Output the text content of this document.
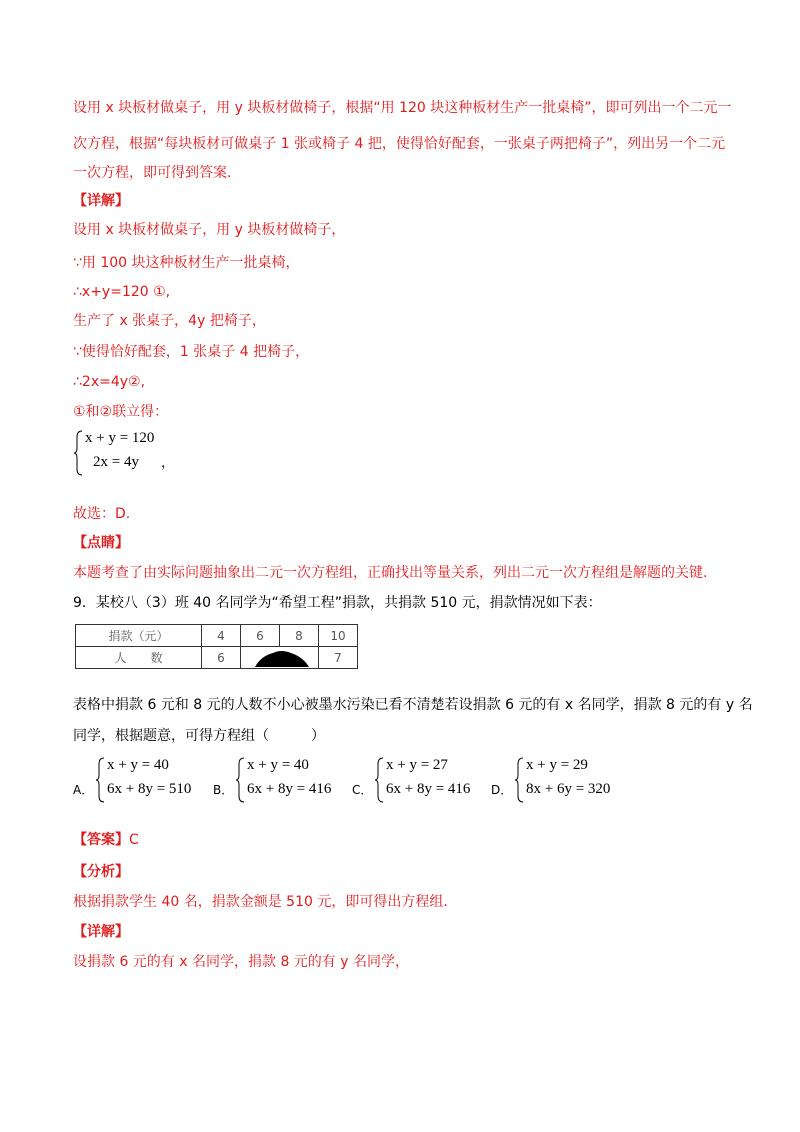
设用 x 块板材做桌子，用 y 块板材做椅子，根据“用 120 块这种板材生产一批桌椅”，即可列出一个二元一
次方程，根据“每块板材可做桌子 1 张或椅子 4 把，使得恰好配套，一张桌子两把椅子”，列出另一个二元
一次方程，即可得到答案.
【详解】
设用 x 块板材做桌子，用 y 块板材做椅子，
∵用 100 块这种板材生产一批桌椅，
∴x+y=120 ①,
生产了 x 张桌子，4y 把椅子，
∵使得恰好配套，1 张桌子 4 把椅子，
∴2x=4y②,
①和②联立得：
x + y = 120
2x = 4y ，
故选：D.
【点睛】
本题考查了由实际问题抽象出二元一次方程组，正确找出等量关系，列出二元一次方程组是解题的关键.
9．某校八（3）班 40 名同学为“希望工程”捐款，共捐款 510 元，捐款情况如下表：
捐款（元）	4	6	8	10
人　　数	6			7
表格中捐款 6 元和 8 元的人数不小心被墨水污染已看不清楚若设捐款 6 元的有 x 名同学，捐款 8 元的有 y 名
同学，根据题意，可得方程组（　　　）
A．
x + y = 40
6x + 8y = 510 B．
x + y = 40
6x + 8y = 416 C．
x + y = 27
6x + 8y = 416 D．
x + y = 29
8x + 6y = 320
【答案】C
【分析】
根据捐款学生 40 名，捐款金额是 510 元，即可得出方程组.
【详解】
设捐款 6 元的有 x 名同学，捐款 8 元的有 y 名同学，
